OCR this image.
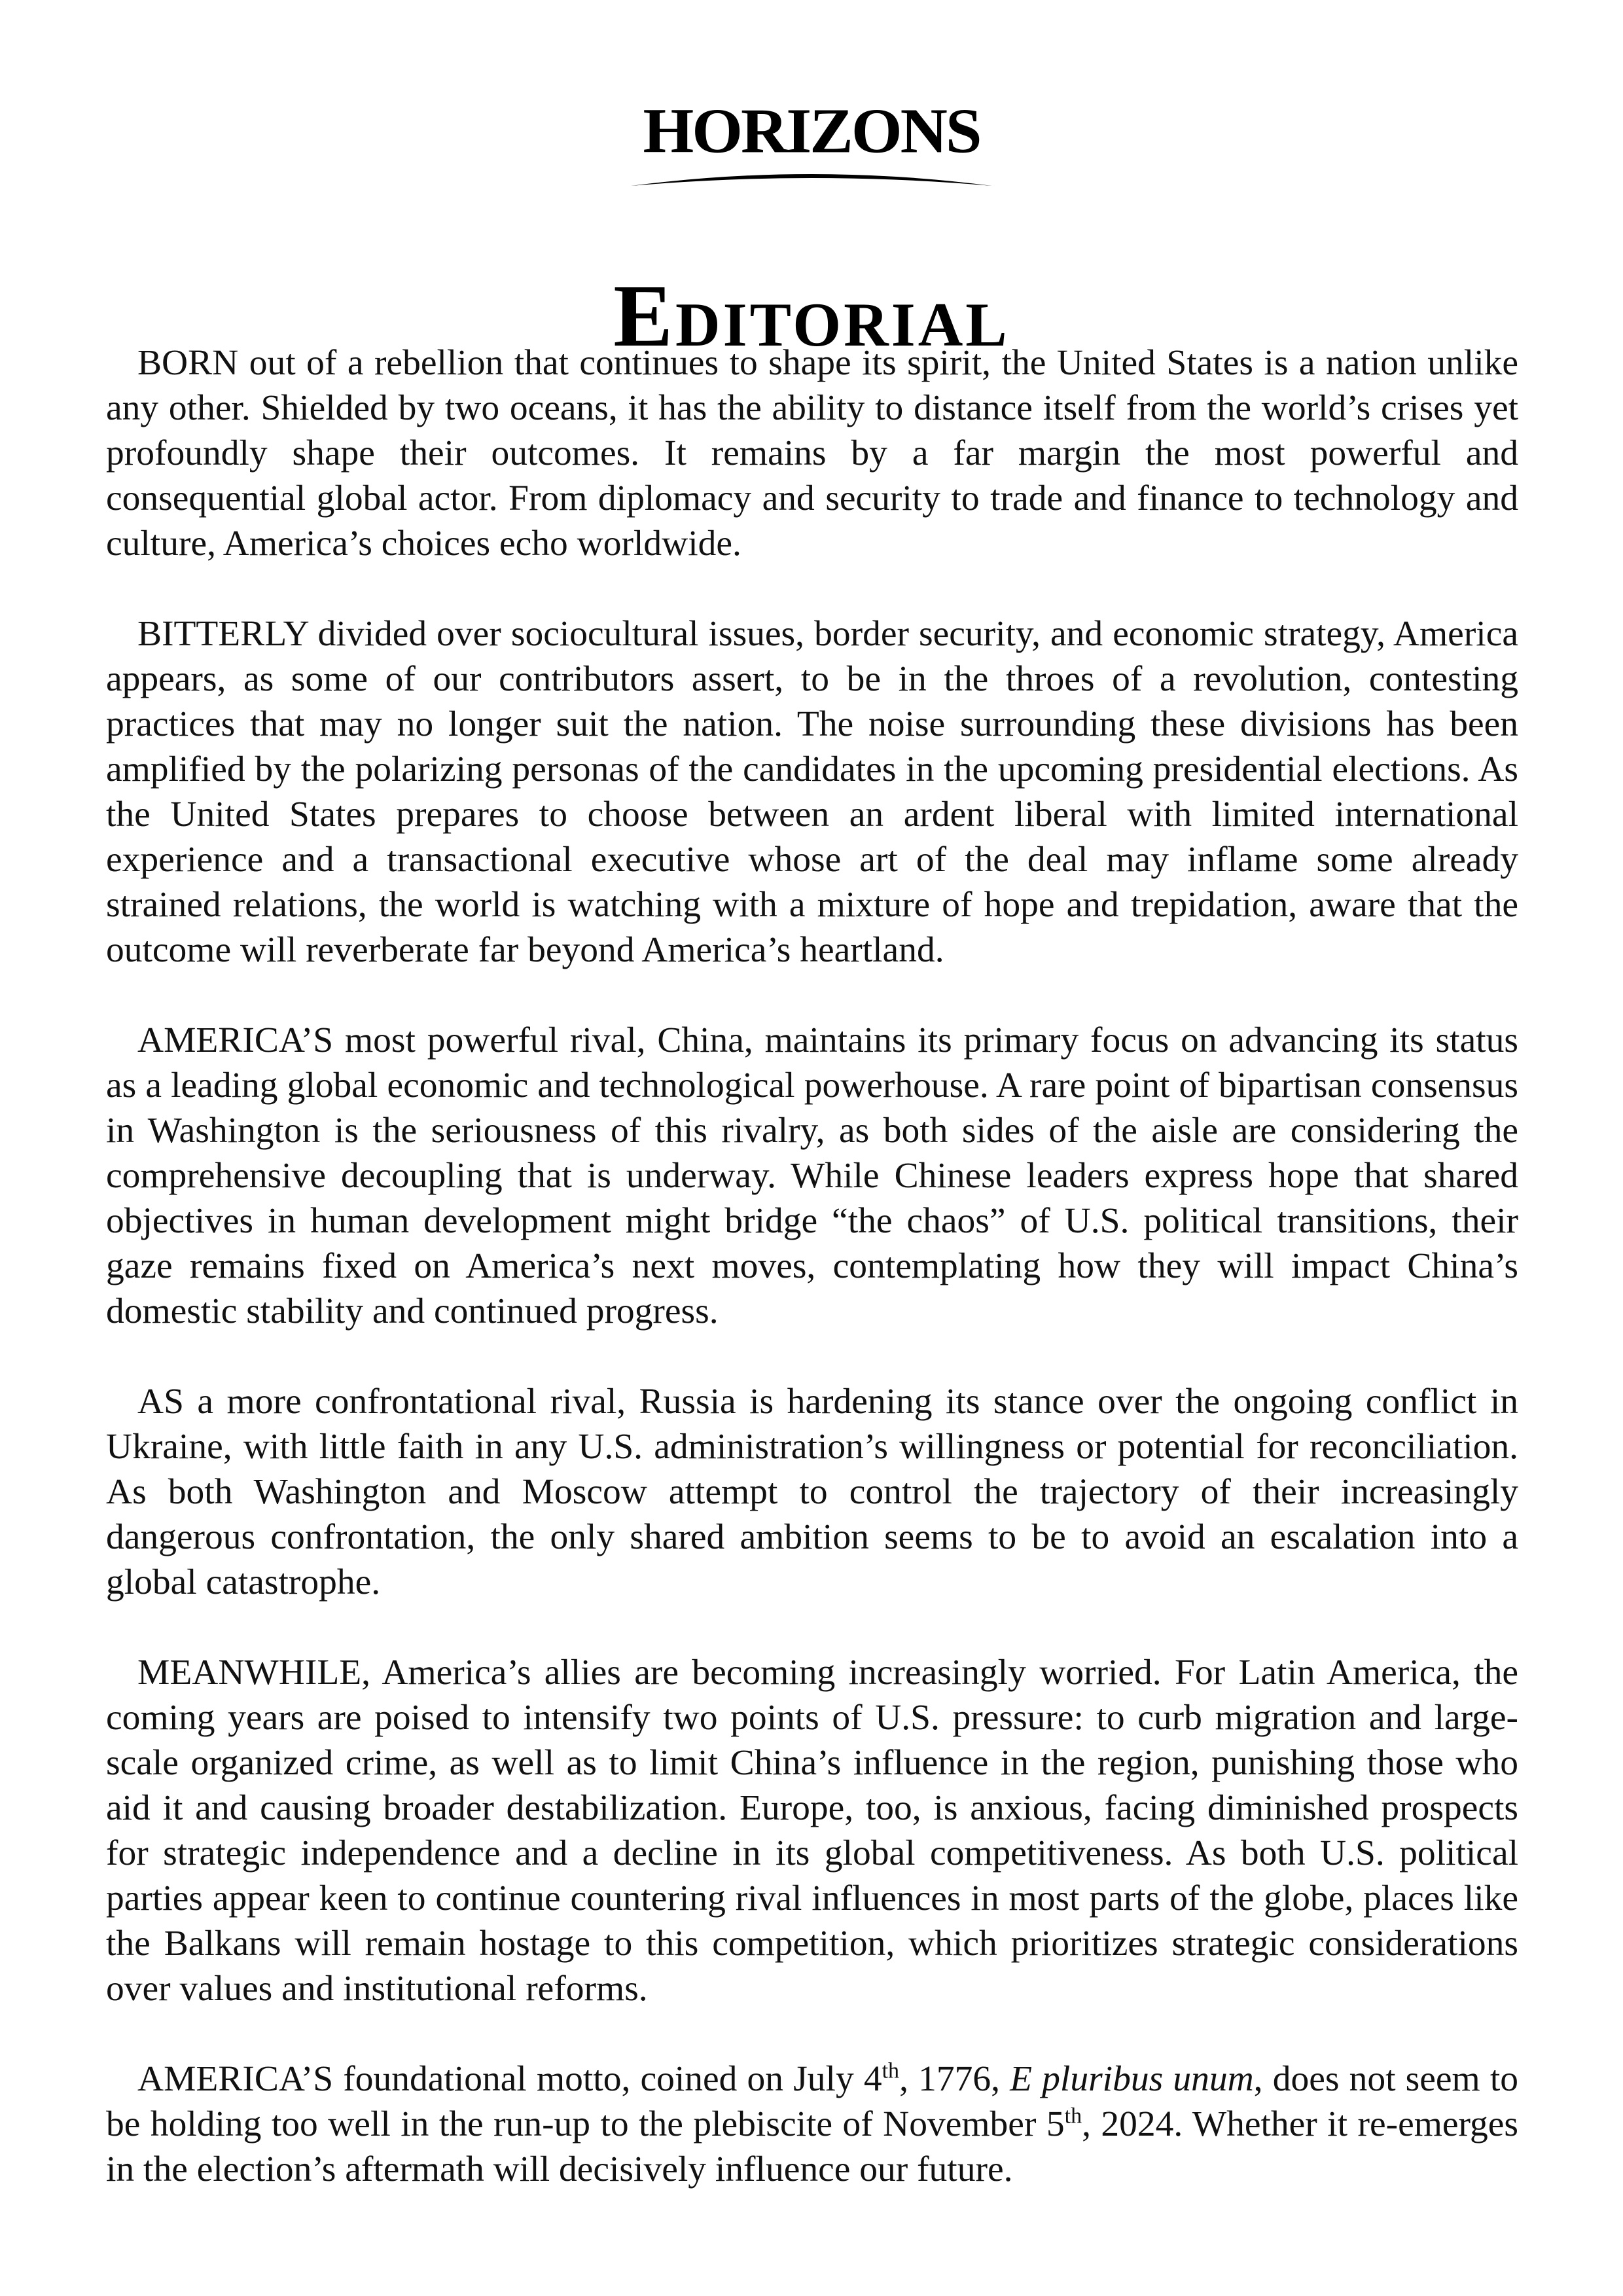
HORIZONS
Editorial

BORN out of a rebellion that continues to shape its spirit, the United States is a nation unlike any other. Shielded by two oceans, it has the ability to distance itself from the world’s crises yet profoundly shape their outcomes. It remains by a far margin the most powerful and consequential global actor. From diplomacy and security to trade and finance to technology and culture, America’s choices echo worldwide.

BITTERLY divided over sociocultural issues, border security, and economic strategy, America appears, as some of our contributors assert, to be in the throes of a revolution, contesting practices that may no longer suit the nation. The noise surrounding these divisions has been amplified by the polarizing personas of the candidates in the upcoming presidential elections. As the United States prepares to choose between an ardent liberal with limited international experience and a transactional executive whose art of the deal may inflame some already strained relations, the world is watching with a mixture of hope and trepidation, aware that the outcome will reverberate far beyond America’s heartland.

AMERICA’S most powerful rival, China, maintains its primary focus on advancing its status as a leading global economic and technological powerhouse. A rare point of bipartisan consensus in Washington is the seriousness of this rivalry, as both sides of the aisle are considering the comprehensive decoupling that is underway. While Chinese leaders express hope that shared objectives in human development might bridge “the chaos” of U.S. political transitions, their gaze remains fixed on America’s next moves, contemplating how they will impact China’s domestic stability and continued progress.

AS a more confrontational rival, Russia is hardening its stance over the ongoing conflict in Ukraine, with little faith in any U.S. administration’s willingness or potential for reconciliation. As both Washington and Moscow attempt to control the trajectory of their increasingly dangerous confrontation, the only shared ambition seems to be to avoid an escalation into a global catastrophe.

MEANWHILE, America’s allies are becoming increasingly worried. For Latin America, the coming years are poised to intensify two points of U.S. pressure: to curb migration and large-scale organized crime, as well as to limit China’s influence in the region, punishing those who aid it and causing broader destabilization. Europe, too, is anxious, facing diminished prospects for strategic independence and a decline in its global competitiveness. As both U.S. political parties appear keen to continue countering rival influences in most parts of the globe, places like the Balkans will remain hostage to this competition, which prioritizes strategic considerations over values and institutional reforms.

AMERICA’S foundational motto, coined on July 4th, 1776, E pluribus unum, does not seem to be holding too well in the run-up to the plebiscite of November 5th, 2024. Whether it re-emerges in the election’s aftermath will decisively influence our future.
